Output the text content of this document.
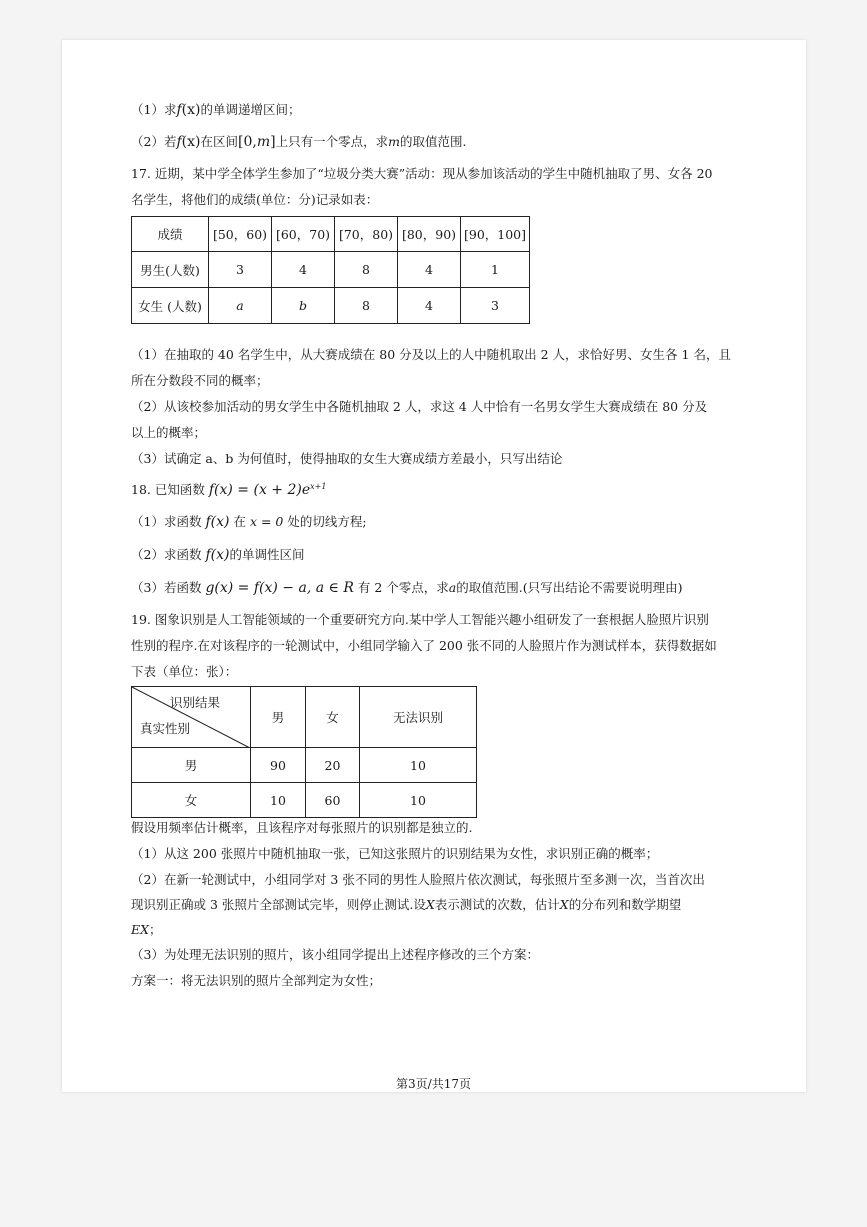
（1）求f(x)的单调递增区间；
（2）若f(x)在区间[0,m]上只有一个零点，求m的取值范围.
17. 近期，某中学全体学生参加了“垃圾分类大赛”活动：现从参加该活动的学生中随机抽取了男、女各 20
名学生，将他们的成绩(单位：分)记录如表：
成绩	[50，60)	[60，70)	[70，80)	[80，90)	[90，100]
男生(人数)	3	4	8	4	1
女生 (人数)	a	b	8	4	3
（1）在抽取的 40 名学生中，从大赛成绩在 80 分及以上的人中随机取出 2 人，求恰好男、女生各 1 名，且
所在分数段不同的概率；
（2）从该校参加活动的男女学生中各随机抽取 2 人，求这 4 人中恰有一名男女学生大赛成绩在 80 分及
以上的概率；
（3）试确定 a、b 为何值时，使得抽取的女生大赛成绩方差最小，只写出结论
18. 已知函数 $f(x) = (x + 2)e^{x+1}$
（1）求函数 f(x) 在 x = 0 处的切线方程;
（2）求函数 f(x)的单调性区间
（3）若函数 g(x) = f(x) − a, a ∈ R 有 2 个零点，求a的取值范围.(只写出结论不需要说明理由)
19. 图象识别是人工智能领域的一个重要研究方向.某中学人工智能兴趣小组研发了一套根据人脸照片识别
性别的程序.在对该程序的一轮测试中，小组同学输入了 200 张不同的人脸照片作为测试样本，获得数据如
下表（单位：张）：
识别结果
真实性别	男	女	无法识别
男	90	20	10
女	10	60	10
假设用频率估计概率，且该程序对每张照片的识别都是独立的.
（1）从这 200 张照片中随机抽取一张，已知这张照片的识别结果为女性，求识别正确的概率；
（2）在新一轮测试中，小组同学对 3 张不同的男性人脸照片依次测试，每张照片至多测一次，当首次出
现识别正确或 3 张照片全部测试完毕，则停止测试.设X表示测试的次数，估计X的分布列和数学期望
EX；
（3）为处理无法识别的照片，该小组同学提出上述程序修改的三个方案：
方案一：将无法识别的照片全部判定为女性；
第3页/共17页
